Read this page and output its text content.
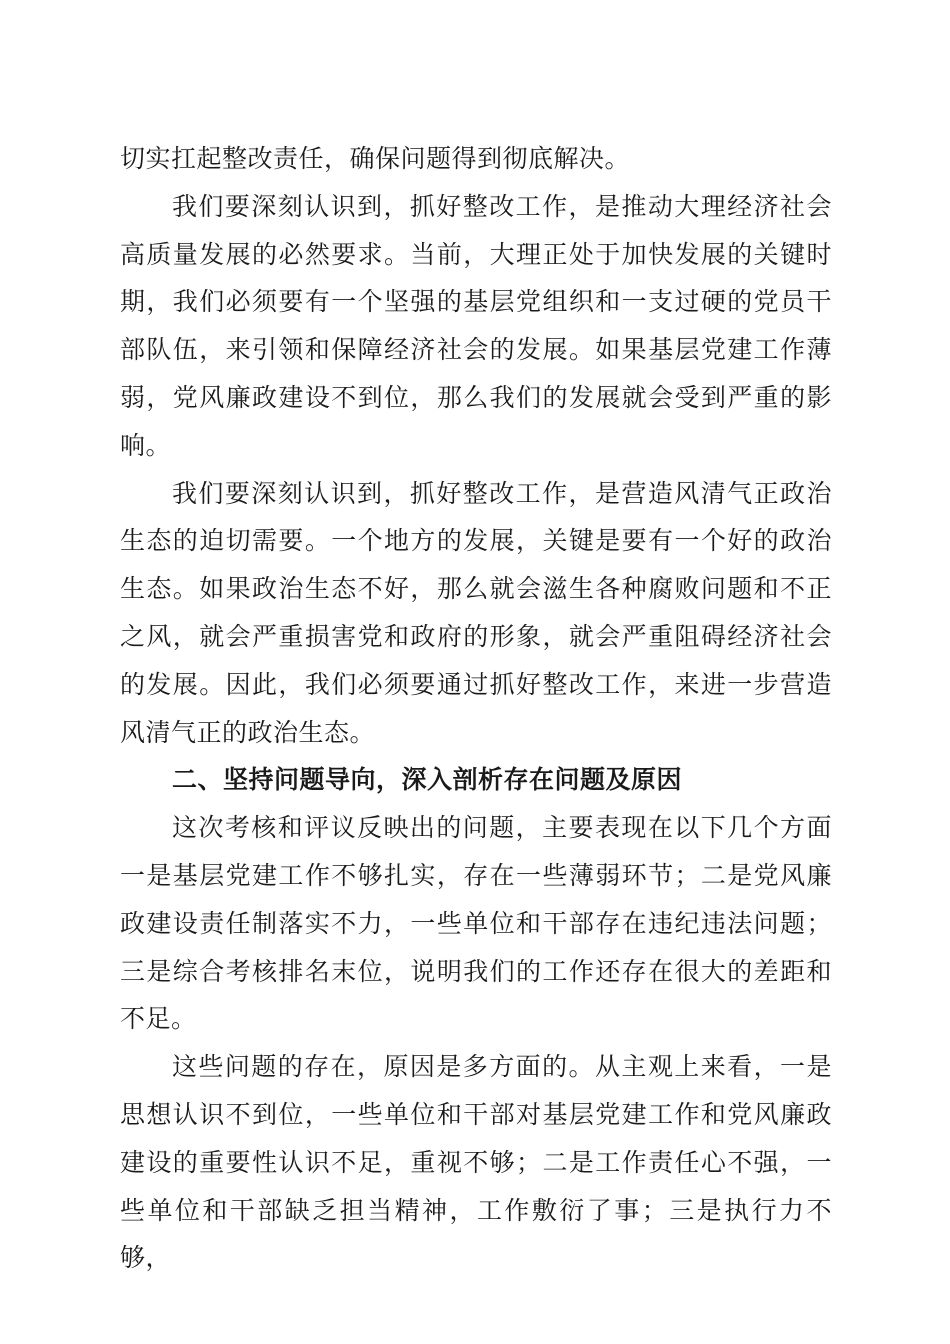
切实扛起整改责任，确保问题得到彻底解决。

我们要深刻认识到，抓好整改工作，是推动大理经济社会高质量发展的必然要求。当前，大理正处于加快发展的关键时期，我们必须要有一个坚强的基层党组织和一支过硬的党员干部队伍，来引领和保障经济社会的发展。如果基层党建工作薄弱，党风廉政建设不到位，那么我们的发展就会受到严重的影响。

我们要深刻认识到，抓好整改工作，是营造风清气正政治生态的迫切需要。一个地方的发展，关键是要有一个好的政治生态。如果政治生态不好，那么就会滋生各种腐败问题和不正之风，就会严重损害党和政府的形象，就会严重阻碍经济社会的发展。因此，我们必须要通过抓好整改工作，来进一步营造风清气正的政治生态。

二、坚持问题导向，深入剖析存在问题及原因

这次考核和评议反映出的问题，主要表现在以下几个方面一是基层党建工作不够扎实，存在一些薄弱环节；二是党风廉政建设责任制落实不力，一些单位和干部存在违纪违法问题；三是综合考核排名末位，说明我们的工作还存在很大的差距和不足。

这些问题的存在，原因是多方面的。从主观上来看，一是思想认识不到位，一些单位和干部对基层党建工作和党风廉政建设的重要性认识不足，重视不够；二是工作责任心不强，一些单位和干部缺乏担当精神，工作敷衍了事；三是执行力不够，
